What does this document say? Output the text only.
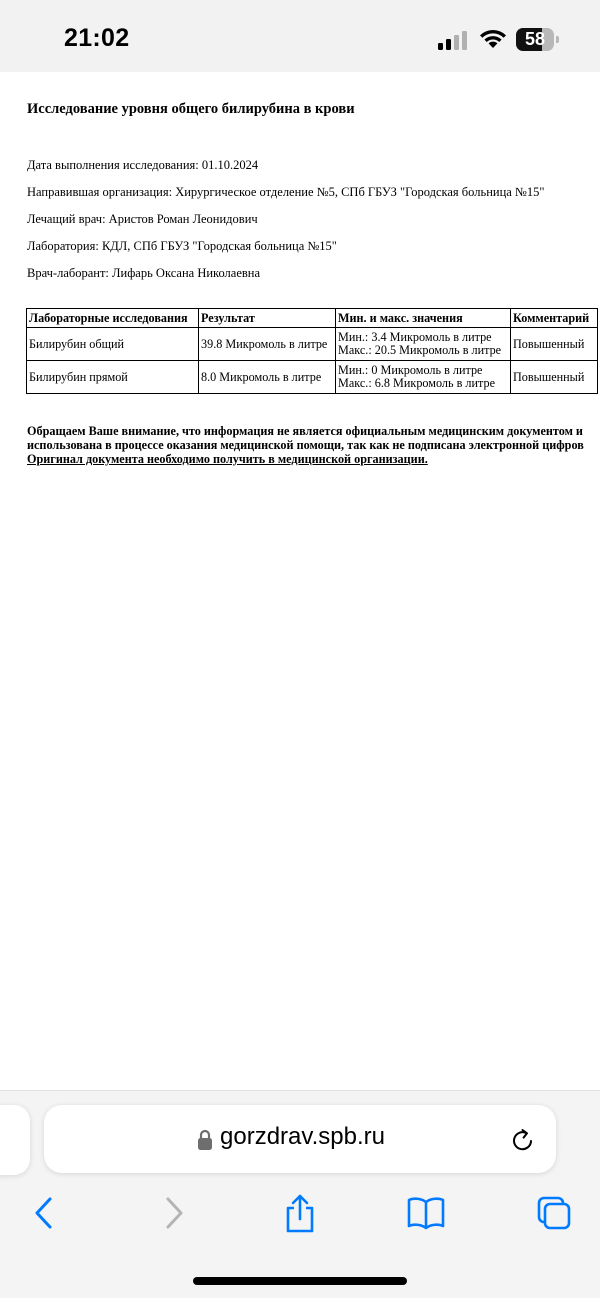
21:02	58
Исследование уровня общего билирубина в крови
Дата выполнения исследования: 01.10.2024
Направившая организация: Хирургическое отделение №5, СПб ГБУЗ "Городская больница №15"
Лечащий врач: Аристов Роман Леонидович
Лаборатория: КДЛ, СПб ГБУЗ "Городская больница №15"
Врач-лаборант: Лифарь Оксана Николаевна
Лабораторные исследования	Результат	Мин. и макс. значения	Комментарий
Билирубин общий	39.8 Микромоль в литре	Мин.: 3.4 Микромоль в литре
Макс.: 20.5 Микромоль в литре	Повышенный
Билирубин прямой	8.0 Микромоль в литре	Мин.: 0 Микромоль в литре
Макс.: 6.8 Микромоль в литре	Повышенный
Обращаем Ваше внимание, что информация не является официальным медицинским документом и
использована в процессе оказания медицинской помощи, так как не подписана электронной цифров
Оригинал документа необходимо получить в медицинской организации.
gorzdrav.spb.ru
